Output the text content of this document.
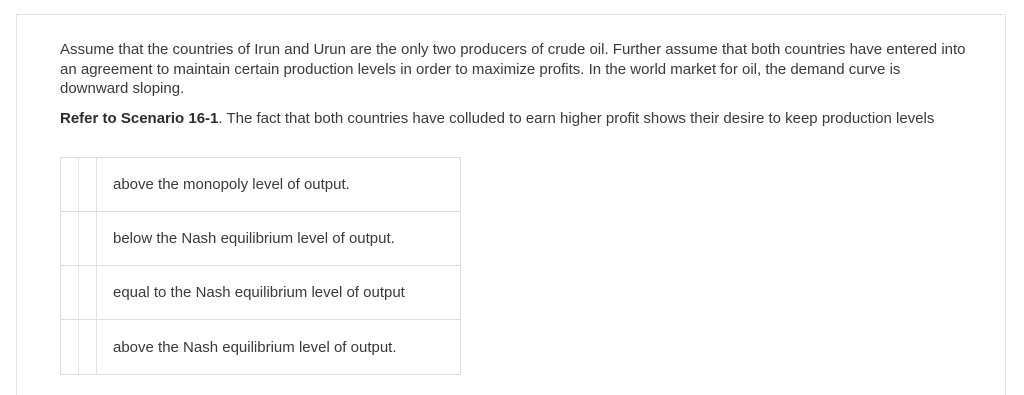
Assume that the countries of Irun and Urun are the only two producers of crude oil. Further assume that both countries have entered into an agreement to maintain certain production levels in order to maximize profits. In the world market for oil, the demand curve is downward sloping.

Refer to Scenario 16-1. The fact that both countries have colluded to earn higher profit shows their desire to keep production levels

above the monopoly level of output.
below the Nash equilibrium level of output.
equal to the Nash equilibrium level of output
above the Nash equilibrium level of output.
